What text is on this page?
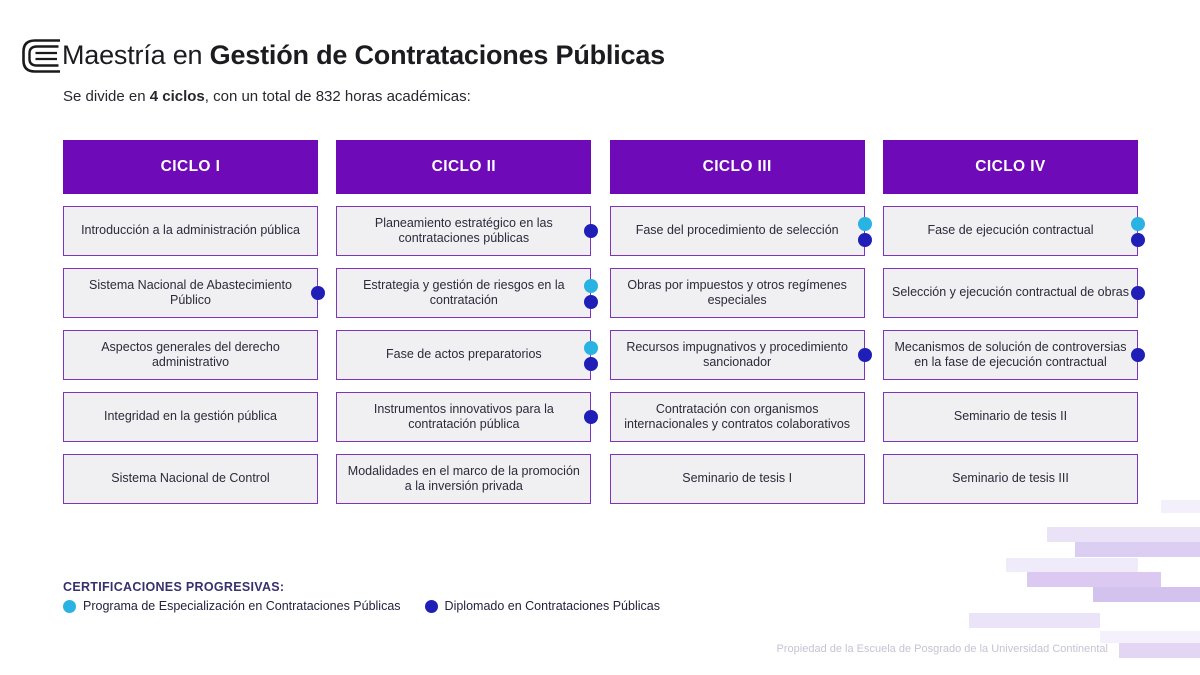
Maestría en Gestión de Contrataciones Públicas
Se divide en 4 ciclos, con un total de 832 horas académicas:
CICLO I
Introducción a la administración pública
Sistema Nacional de Abastecimiento Público
Aspectos generales del derecho administrativo
Integridad en la gestión pública
Sistema Nacional de Control
CICLO II
Planeamiento estratégico en las contrataciones públicas
Estrategia y gestión de riesgos en la contratación
Fase de actos preparatorios
Instrumentos innovativos para la contratación pública
Modalidades en el marco de la promoción a la inversión privada
CICLO III
Fase del procedimiento de selección
Obras por impuestos y otros regímenes especiales
Recursos impugnativos y procedimiento sancionador
Contratación con organismos internacionales y contratos colaborativos
Seminario de tesis I
CICLO IV
Fase de ejecución contractual
Selección y ejecución contractual de obras
Mecanismos de solución de controversias en la fase de ejecución contractual
Seminario de tesis II
Seminario de tesis III
CERTIFICACIONES PROGRESIVAS:
Programa de Especialización en Contrataciones Públicas	Diplomado en Contrataciones Públicas
Propiedad de la Escuela de Posgrado de la Universidad Continental
